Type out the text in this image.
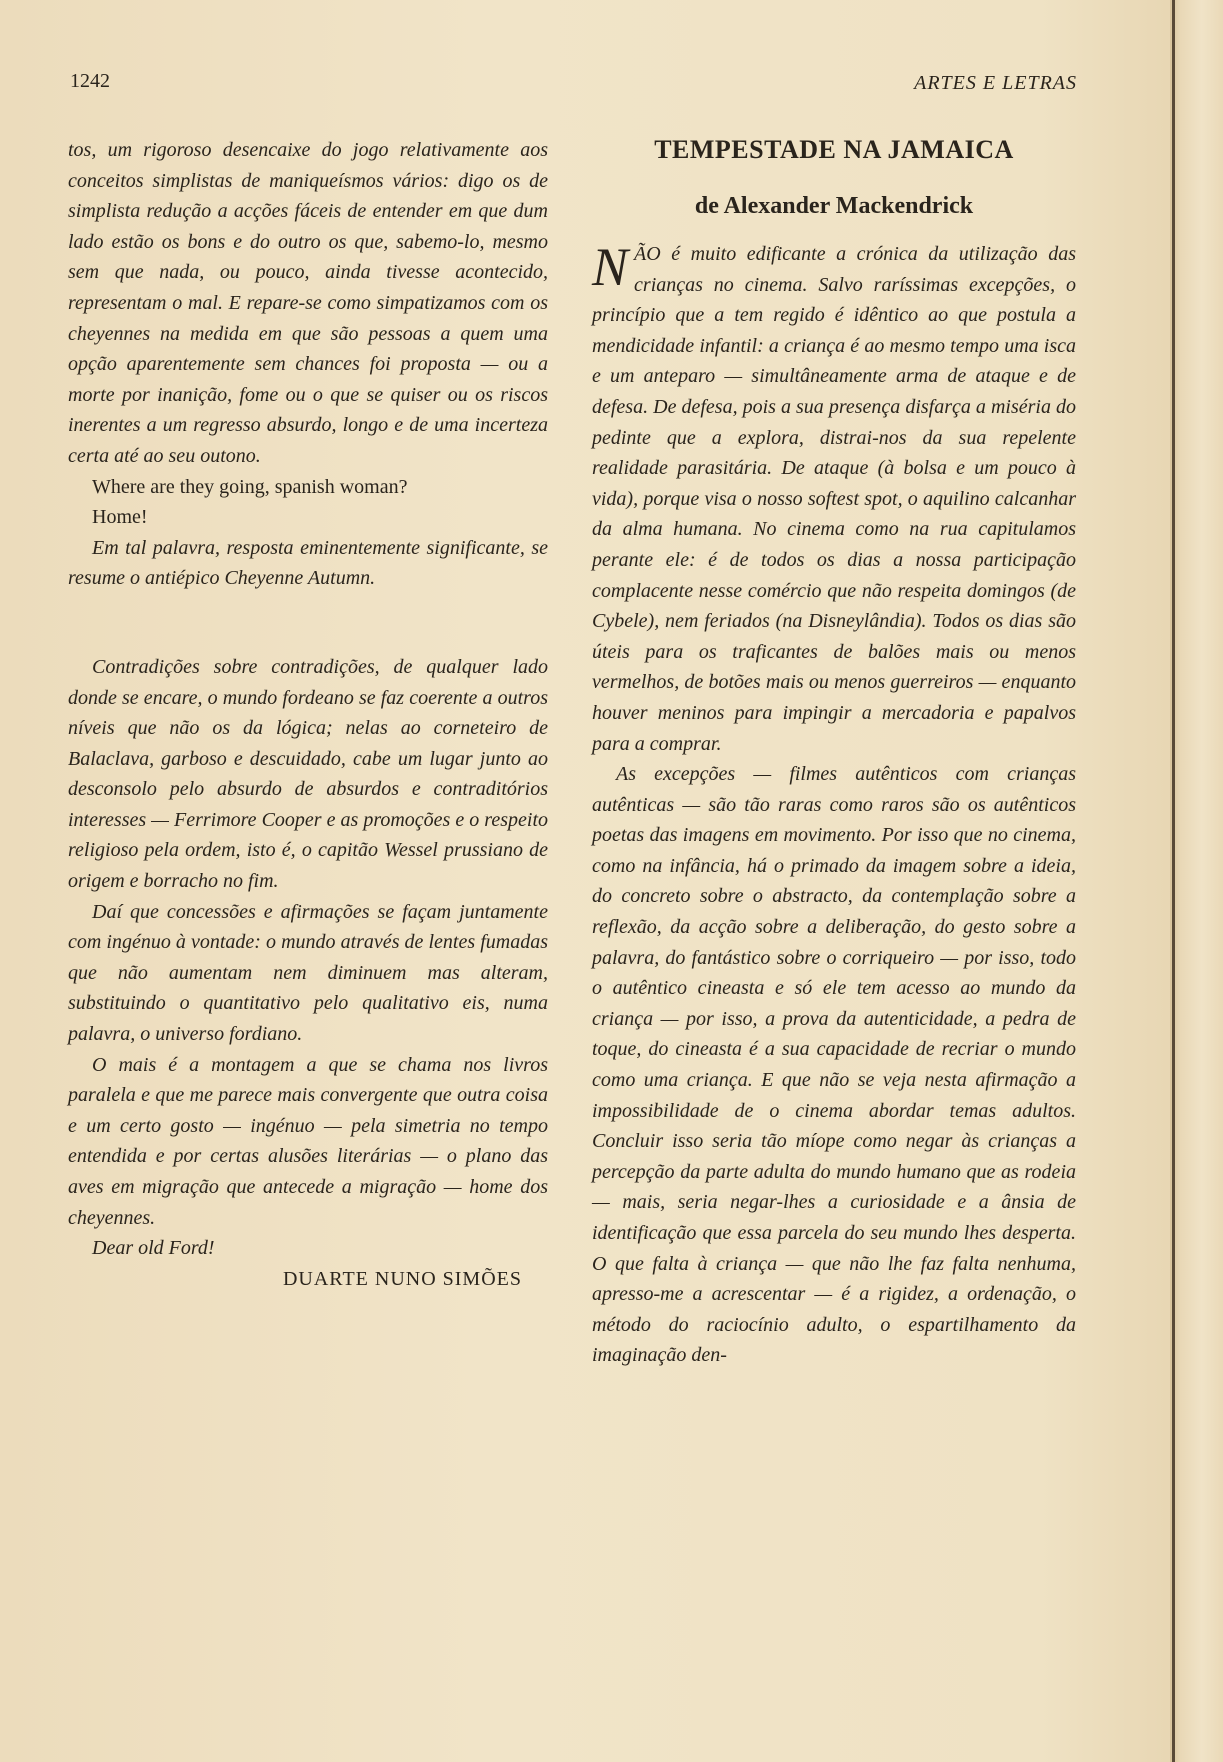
1242	ARTES E LETRAS

tos, um rigoroso desencaixe do jogo relativamente aos conceitos simplistas de maniqueísmos vários: digo os de simplista redução a acções fáceis de entender em que dum lado estão os bons e do outro os que, sabemo-lo, mesmo sem que nada, ou pouco, ainda tivesse acontecido, representam o mal. E repare-se como simpatizamos com os cheyennes na medida em que são pessoas a quem uma opção aparentemente sem chances foi proposta — ou a morte por inanição, fome ou o que se quiser ou os riscos inerentes a um regresso absurdo, longo e de uma incerteza certa até ao seu outono.

Where are they going, spanish woman?

Home!

Em tal palavra, resposta eminentemente significante, se resume o antiépico Cheyenne Autumn.

Contradições sobre contradições, de qualquer lado donde se encare, o mundo fordeano se faz coerente a outros níveis que não os da lógica; nelas ao corneteiro de Balaclava, garboso e descuidado, cabe um lugar junto ao desconsolo pelo absurdo de absurdos e contraditórios interesses — Ferrimore Cooper e as promoções e o respeito religioso pela ordem, isto é, o capitão Wessel prussiano de origem e borracho no fim.

Daí que concessões e afirmações se façam juntamente com ingénuo à vontade: o mundo através de lentes fumadas que não aumentam nem diminuem mas alteram, substituindo o quantitativo pelo qualitativo eis, numa palavra, o universo fordiano.

O mais é a montagem a que se chama nos livros paralela e que me parece mais convergente que outra coisa e um certo gosto — ingénuo — pela simetria no tempo entendida e por certas alusões literárias — o plano das aves em migração que antecede a migração — home dos cheyennes.

Dear old Ford!

DUARTE NUNO SIMÕES

TEMPESTADE NA JAMAICA
de Alexander Mackendrick

NÃO é muito edificante a crónica da utilização das crianças no cinema. Salvo raríssimas excepções, o princípio que a tem regido é idêntico ao que postula a mendicidade infantil: a criança é ao mesmo tempo uma isca e um anteparo — simultâneamente arma de ataque e de defesa. De defesa, pois a sua presença disfarça a miséria do pedinte que a explora, distrai-nos da sua repelente realidade parasitária. De ataque (à bolsa e um pouco à vida), porque visa o nosso softest spot, o aquilino calcanhar da alma humana. No cinema como na rua capitulamos perante ele: é de todos os dias a nossa participação complacente nesse comércio que não respeita domingos (de Cybele), nem feriados (na Disneylândia). Todos os dias são úteis para os traficantes de balões mais ou menos vermelhos, de botões mais ou menos guerreiros — enquanto houver meninos para impingir a mercadoria e papalvos para a comprar.

As excepções — filmes autênticos com crianças autênticas — são tão raras como raros são os autênticos poetas das imagens em movimento. Por isso que no cinema, como na infância, há o primado da imagem sobre a ideia, do concreto sobre o abstracto, da contemplação sobre a reflexão, da acção sobre a deliberação, do gesto sobre a palavra, do fantástico sobre o corriqueiro — por isso, todo o autêntico cineasta e só ele tem acesso ao mundo da criança — por isso, a prova da autenticidade, a pedra de toque, do cineasta é a sua capacidade de recriar o mundo como uma criança. E que não se veja nesta afirmação a impossibilidade de o cinema abordar temas adultos. Concluir isso seria tão míope como negar às crianças a percepção da parte adulta do mundo humano que as rodeia — mais, seria negar-lhes a curiosidade e a ânsia de identificação que essa parcela do seu mundo lhes desperta. O que falta à criança — que não lhe faz falta nenhuma, apresso-me a acrescentar — é a rigidez, a ordenação, o método do raciocínio adulto, o espartilhamento da imaginação den-
